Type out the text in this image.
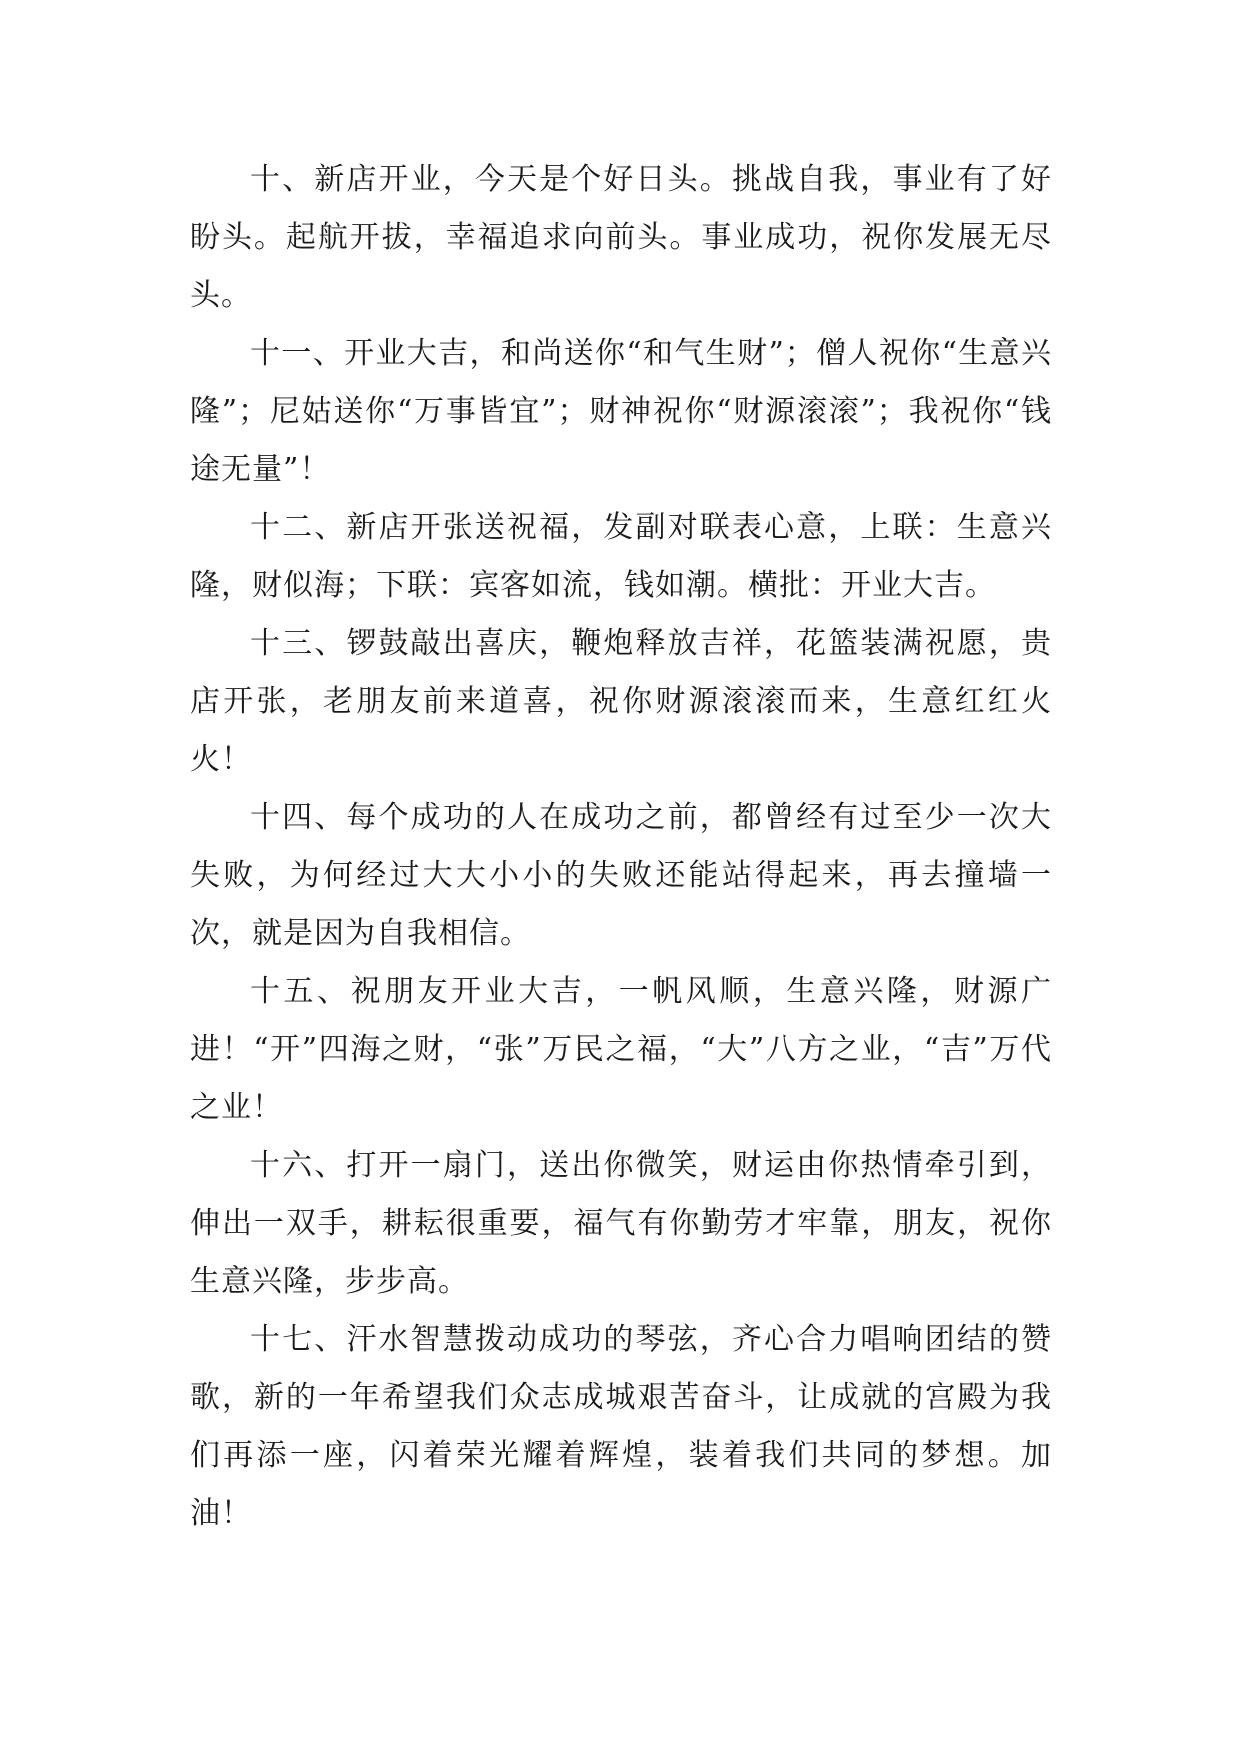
十、新店开业，今天是个好日头。挑战自我，事业有了好盼头。起航开拔，幸福追求向前头。事业成功，祝你发展无尽头。

十一、开业大吉，和尚送你“和气生财”；僧人祝你“生意兴隆”；尼姑送你“万事皆宜”；财神祝你“财源滚滚”；我祝你“钱途无量”！

十二、新店开张送祝福，发副对联表心意，上联：生意兴隆，财似海；下联：宾客如流，钱如潮。横批：开业大吉。

十三、锣鼓敲出喜庆，鞭炮释放吉祥，花篮装满祝愿，贵店开张，老朋友前来道喜，祝你财源滚滚而来，生意红红火火！

十四、每个成功的人在成功之前，都曾经有过至少一次大失败，为何经过大大小小的失败还能站得起来，再去撞墙一次，就是因为自我相信。

十五、祝朋友开业大吉，一帆风顺，生意兴隆，财源广进！“开”四海之财，“张”万民之福，“大”八方之业，“吉”万代之业！

十六、打开一扇门，送出你微笑，财运由你热情牵引到，伸出一双手，耕耘很重要，福气有你勤劳才牢靠，朋友，祝你生意兴隆，步步高。

十七、汗水智慧拨动成功的琴弦，齐心合力唱响团结的赞歌，新的一年希望我们众志成城艰苦奋斗，让成就的宫殿为我们再添一座，闪着荣光耀着辉煌，装着我们共同的梦想。加油！
